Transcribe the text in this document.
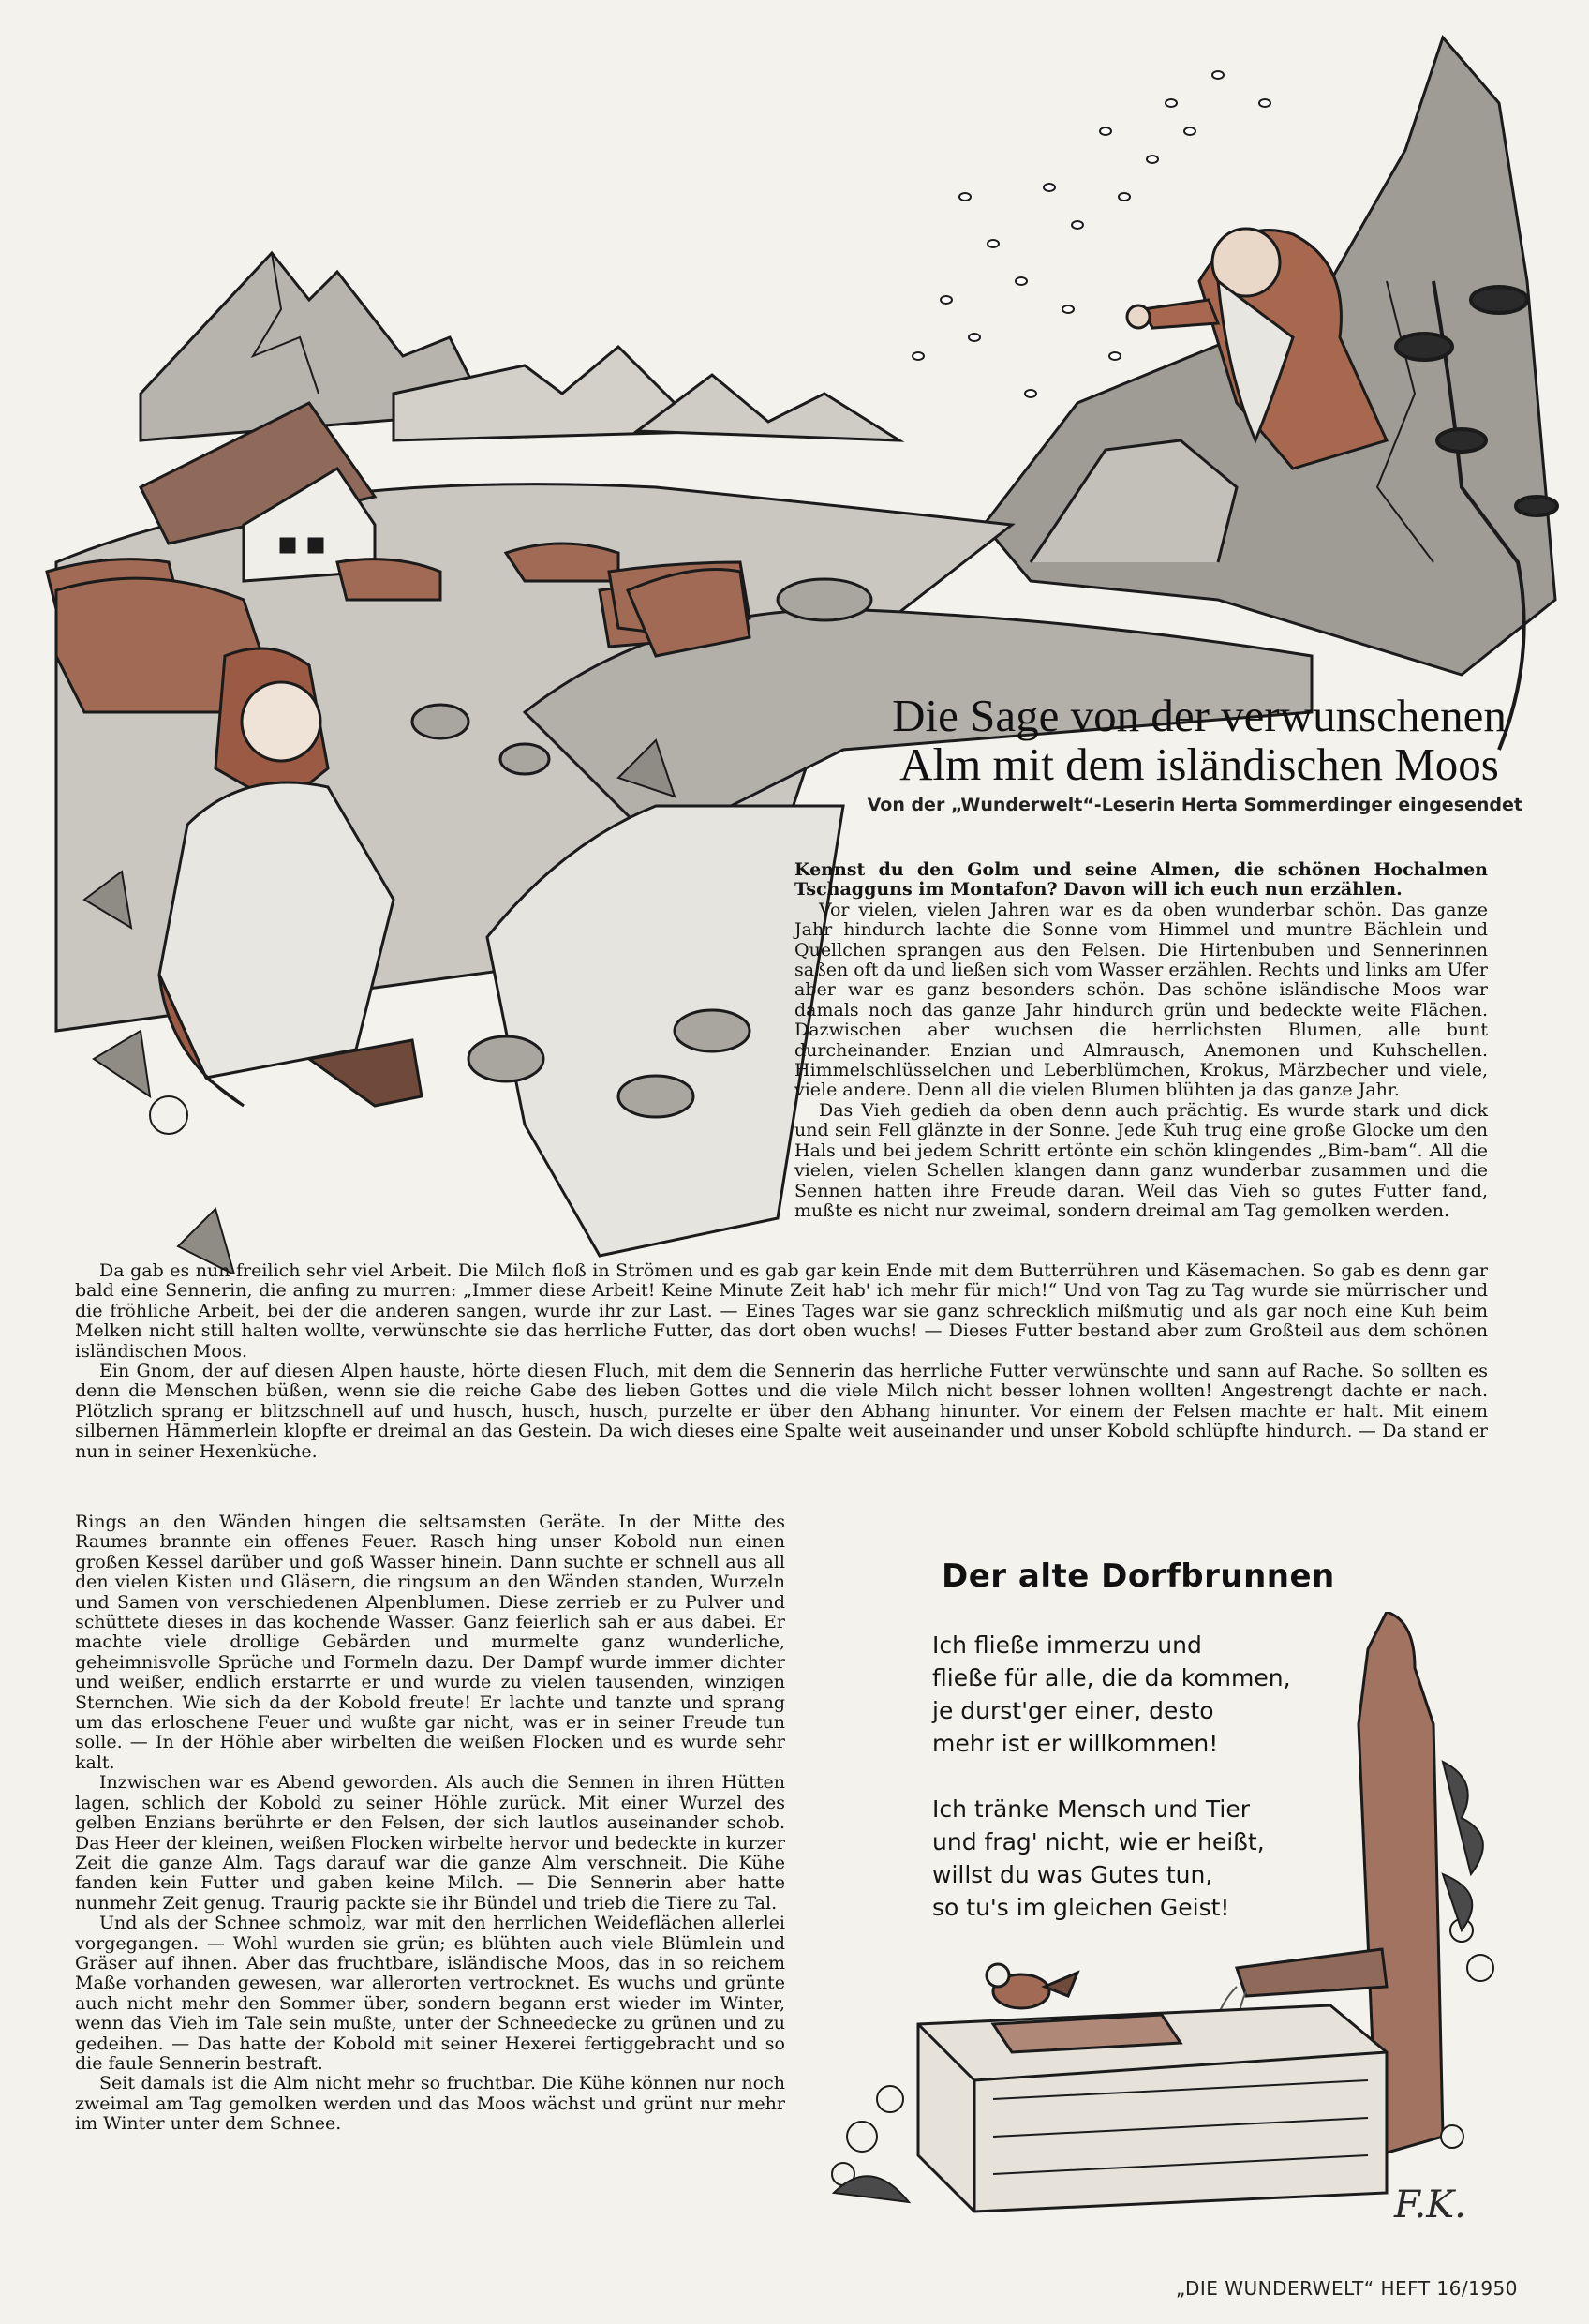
Die Sage von der verwunschenen
Alm mit dem isländischen Moos
Von der „Wunderwelt“-Leserin Herta Sommerdinger eingesendet

Kennst du den Golm und seine Almen, die schönen Hochalmen Tschagguns im Montafon? Davon will ich euch nun erzählen.

Vor vielen, vielen Jahren war es da oben wunderbar schön. Das ganze Jahr hindurch lachte die Sonne vom Himmel und muntre Bächlein und Quellchen sprangen aus den Felsen. Die Hirtenbuben und Sennerinnen saßen oft da und ließen sich vom Wasser erzählen. Rechts und links am Ufer aber war es ganz besonders schön. Das schöne isländische Moos war damals noch das ganze Jahr hindurch grün und bedeckte weite Flächen. Dazwischen aber wuchsen die herrlichsten Blumen, alle bunt durcheinander. Enzian und Almrausch, Anemonen und Kuhschellen. Himmelschlüsselchen und Leberblümchen, Krokus, Märzbecher und viele, viele andere. Denn all die vielen Blumen blühten ja das ganze Jahr.

Das Vieh gedieh da oben denn auch prächtig. Es wurde stark und dick und sein Fell glänzte in der Sonne. Jede Kuh trug eine große Glocke um den Hals und bei jedem Schritt ertönte ein schön klingendes „Bim-bam“. All die vielen, vielen Schellen klangen dann ganz wunderbar zusammen und die Sennen hatten ihre Freude daran. Weil das Vieh so gutes Futter fand, mußte es nicht nur zweimal, sondern dreimal am Tag gemolken werden.

Da gab es nun freilich sehr viel Arbeit. Die Milch floß in Strömen und es gab gar kein Ende mit dem Butterrühren und Käsemachen. So gab es denn gar bald eine Sennerin, die anfing zu murren: „Immer diese Arbeit! Keine Minute Zeit hab' ich mehr für mich!“ Und von Tag zu Tag wurde sie mürrischer und die fröhliche Arbeit, bei der die anderen sangen, wurde ihr zur Last. — Eines Tages war sie ganz schrecklich mißmutig und als gar noch eine Kuh beim Melken nicht still halten wollte, verwünschte sie das herrliche Futter, das dort oben wuchs! — Dieses Futter bestand aber zum Großteil aus dem schönen isländischen Moos.

Ein Gnom, der auf diesen Alpen hauste, hörte diesen Fluch, mit dem die Sennerin das herrliche Futter verwünschte und sann auf Rache. So sollten es denn die Menschen büßen, wenn sie die reiche Gabe des lieben Gottes und die viele Milch nicht besser lohnen wollten! Angestrengt dachte er nach. Plötzlich sprang er blitzschnell auf und husch, husch, husch, purzelte er über den Abhang hinunter. Vor einem der Felsen machte er halt. Mit einem silbernen Hämmerlein klopfte er dreimal an das Gestein. Da wich dieses eine Spalte weit auseinander und unser Kobold schlüpfte hindurch. — Da stand er nun in seiner Hexenküche.

Rings an den Wänden hingen die seltsamsten Geräte. In der Mitte des Raumes brannte ein offenes Feuer. Rasch hing unser Kobold nun einen großen Kessel darüber und goß Wasser hinein. Dann suchte er schnell aus all den vielen Kisten und Gläsern, die ringsum an den Wänden standen, Wurzeln und Samen von verschiedenen Alpenblumen. Diese zerrieb er zu Pulver und schüttete dieses in das kochende Wasser. Ganz feierlich sah er aus dabei. Er machte viele drollige Gebärden und murmelte ganz wunderliche, geheimnisvolle Sprüche und Formeln dazu. Der Dampf wurde immer dichter und weißer, endlich erstarrte er und wurde zu vielen tausenden, winzigen Sternchen. Wie sich da der Kobold freute! Er lachte und tanzte und sprang um das erloschene Feuer und wußte gar nicht, was er in seiner Freude tun solle. — In der Höhle aber wirbelten die weißen Flocken und es wurde sehr kalt.

Inzwischen war es Abend geworden. Als auch die Sennen in ihren Hütten lagen, schlich der Kobold zu seiner Höhle zurück. Mit einer Wurzel des gelben Enzians berührte er den Felsen, der sich lautlos auseinander schob. Das Heer der kleinen, weißen Flocken wirbelte hervor und bedeckte in kurzer Zeit die ganze Alm. Tags darauf war die ganze Alm verschneit. Die Kühe fanden kein Futter und gaben keine Milch. — Die Sennerin aber hatte nunmehr Zeit genug. Traurig packte sie ihr Bündel und trieb die Tiere zu Tal.

Und als der Schnee schmolz, war mit den herrlichen Weideflächen allerlei vorgegangen. — Wohl wurden sie grün; es blühten auch viele Blümlein und Gräser auf ihnen. Aber das fruchtbare, isländische Moos, das in so reichem Maße vorhanden gewesen, war allerorten vertrocknet. Es wuchs und grünte auch nicht mehr den Sommer über, sondern begann erst wieder im Winter, wenn das Vieh im Tale sein mußte, unter der Schneedecke zu grünen und zu gedeihen. — Das hatte der Kobold mit seiner Hexerei fertiggebracht und so die faule Sennerin bestraft.

Seit damals ist die Alm nicht mehr so fruchtbar. Die Kühe können nur noch zweimal am Tag gemolken werden und das Moos wächst und grünt nur mehr im Winter unter dem Schnee.

Der alte Dorfbrunnen
Ich fließe immerzu und
fließe für alle, die da kommen,
je durst'ger einer, desto
mehr ist er willkommen!
Ich tränke Mensch und Tier
und frag' nicht, wie er heißt,
willst du was Gutes tun,
so tu's im gleichen Geist!
F.K.
„DIE WUNDERWELT“ HEFT 16/1950
